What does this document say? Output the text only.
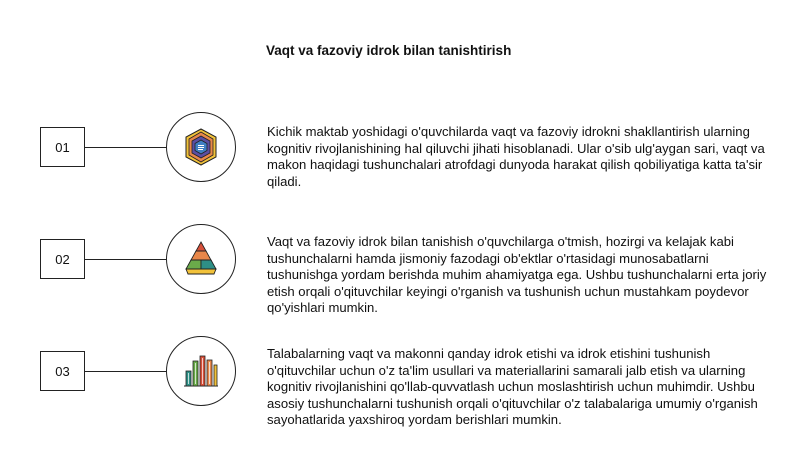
Vaqt va fazoviy idrok bilan tanishtirish
01
Kichik maktab yoshidagi o'quvchilarda vaqt va fazoviy idrokni shakllantirish ularning kognitiv rivojlanishining hal qiluvchi jihati hisoblanadi. Ular o'sib ulg'aygan sari, vaqt va makon haqidagi tushunchalari atrofdagi dunyoda harakat qilish qobiliyatiga katta ta'sir qiladi.
02
Vaqt va fazoviy idrok bilan tanishish o'quvchilarga o'tmish, hozirgi va kelajak kabi tushunchalarni hamda jismoniy fazodagi ob'ektlar o'rtasidagi munosabatlarni tushunishga yordam berishda muhim ahamiyatga ega. Ushbu tushunchalarni erta joriy etish orqali o'qituvchilar keyingi o'rganish va tushunish uchun mustahkam poydevor qo'yishlari mumkin.
03
Talabalarning vaqt va makonni qanday idrok etishi va idrok etishini tushunish o'qituvchilar uchun o'z ta'lim usullari va materiallarini samarali jalb etish va ularning kognitiv rivojlanishini qo'llab-quvvatlash uchun moslashtirish uchun muhimdir. Ushbu asosiy tushunchalarni tushunish orqali o'qituvchilar o'z talabalariga umumiy o'rganish sayohatlarida yaxshiroq yordam berishlari mumkin.
